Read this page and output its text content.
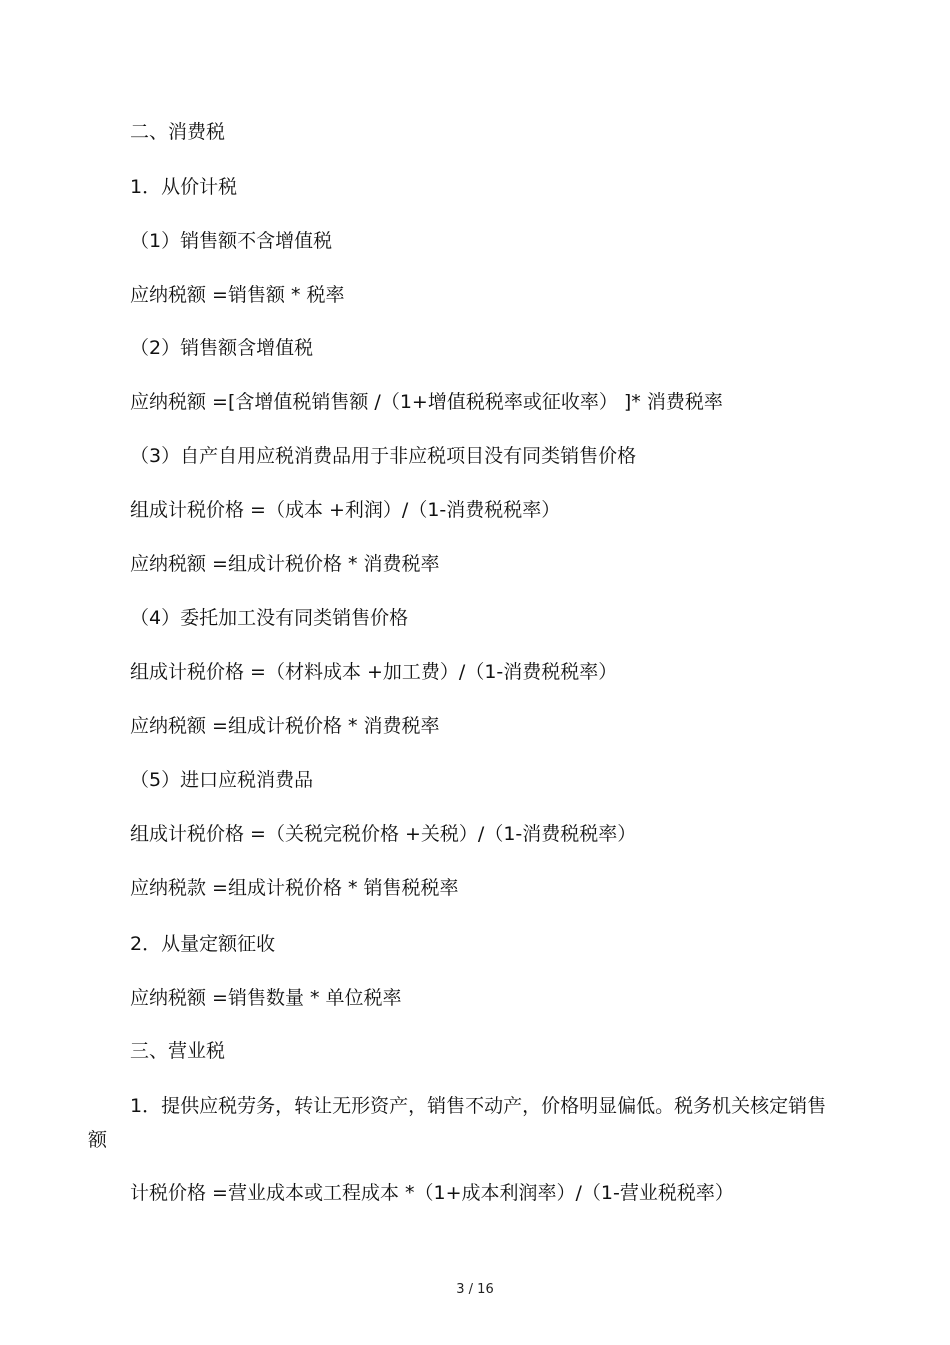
二、消费税
1．从价计税
（1）销售额不含增值税
应纳税额 =销售额 * 税率
（2）销售额含增值税
应纳税额 =[含增值税销售额 /（1+增值税税率或征收率） ]* 消费税率
（3）自产自用应税消费品用于非应税项目没有同类销售价格
组成计税价格 =（成本 +利润）/（1-消费税税率）
应纳税额 =组成计税价格 * 消费税率
（4）委托加工没有同类销售价格
组成计税价格 =（材料成本 +加工费）/（1-消费税税率）
应纳税额 =组成计税价格 * 消费税率
（5）进口应税消费品
组成计税价格 =（关税完税价格 +关税）/（1-消费税税率）
应纳税款 =组成计税价格 * 销售税税率
2．从量定额征收
应纳税额 =销售数量 * 单位税率
三、营业税
1．提供应税劳务，转让无形资产，销售不动产，价格明显偏低。税务机关核定销售额
计税价格 =营业成本或工程成本 *（1+成本利润率）/（1-营业税税率）
3 / 16
